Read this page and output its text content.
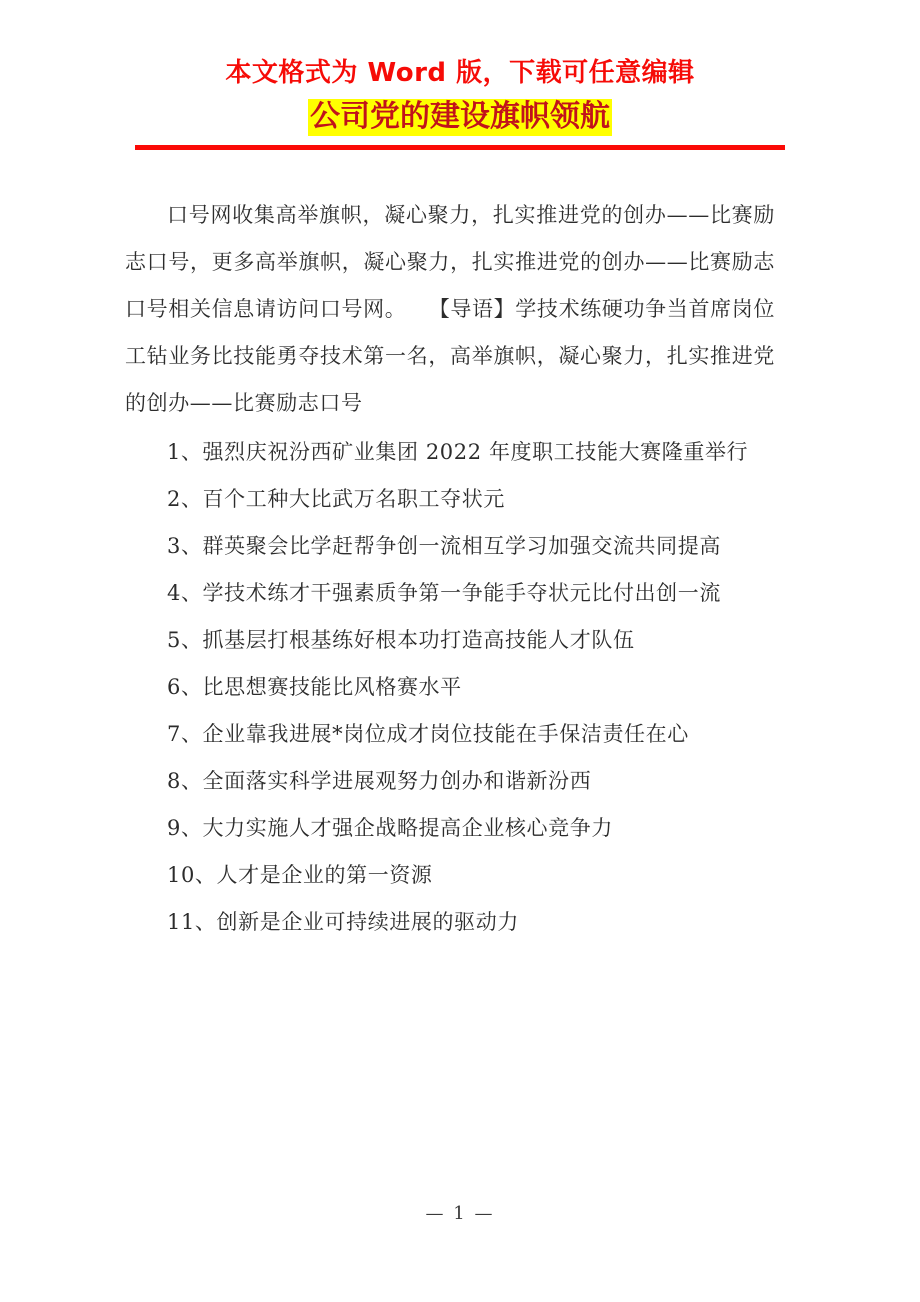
本文格式为 Word 版，下载可任意编辑
公司党的建设旗帜领航

口号网收集高举旗帜，凝心聚力，扎实推进党的创办——比赛励志口号，更多高举旗帜，凝心聚力，扎实推进党的创办——比赛励志口号相关信息请访问口号网。　　【导语】学技术练硬功争当首席岗位工钻业务比技能勇夺技术第一名，高举旗帜，凝心聚力，扎实推进党的创办——比赛励志口号

1、强烈庆祝汾西矿业集团 2022 年度职工技能大赛隆重举行

2、百个工种大比武万名职工夺状元

3、群英聚会比学赶帮争创一流相互学习加强交流共同提高

4、学技术练才干强素质争第一争能手夺状元比付出创一流

5、抓基层打根基练好根本功打造高技能人才队伍

6、比思想赛技能比风格赛水平

7、企业靠我进展*岗位成才岗位技能在手保洁责任在心

8、全面落实科学进展观努力创办和谐新汾西

9、大力实施人才强企战略提高企业核心竞争力

10、人才是企业的第一资源

11、创新是企业可持续进展的驱动力

— 1 —
